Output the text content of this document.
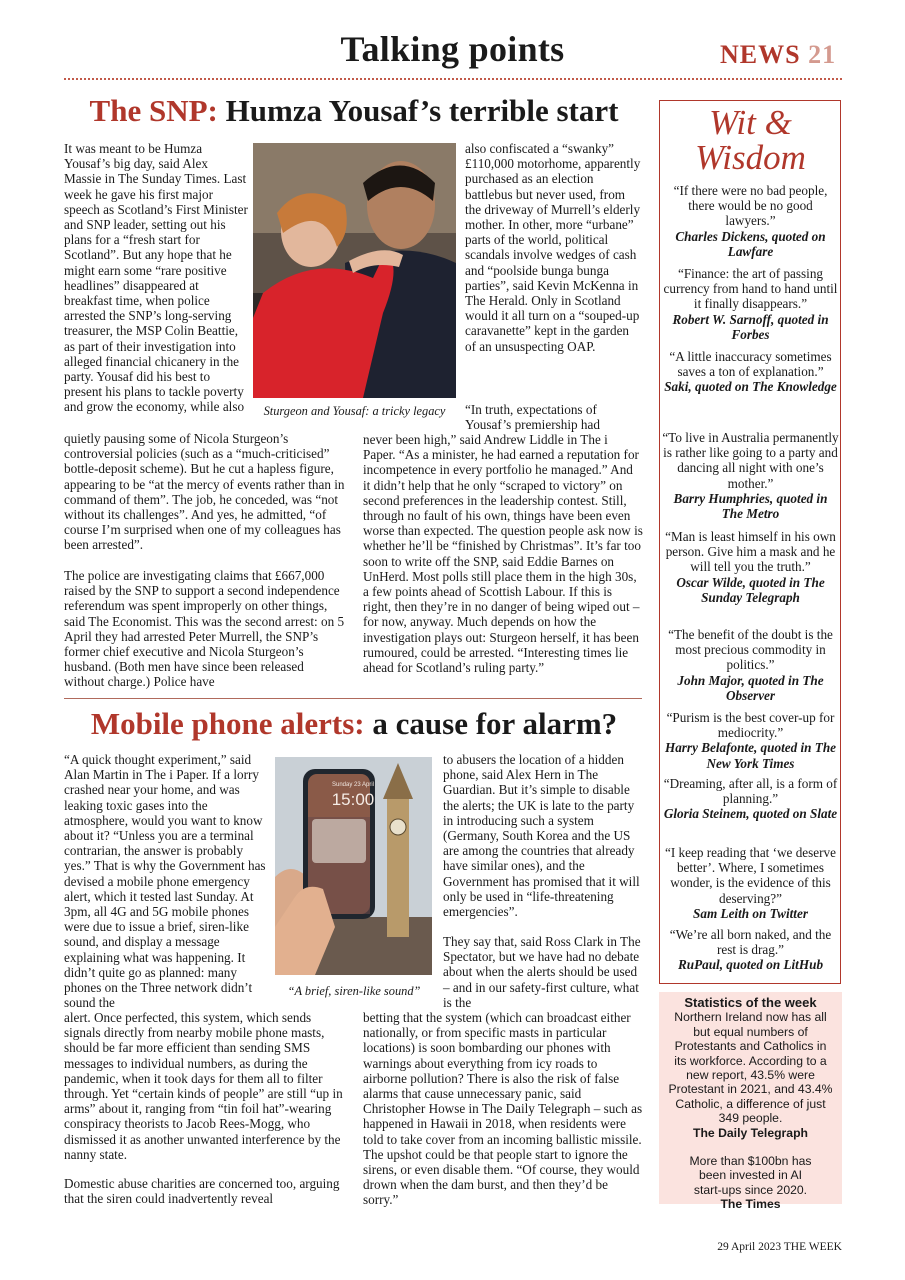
Talking points	NEWS 21
The SNP: Humza Yousaf’s terrible start
It was meant to be Humza Yousaf’s big day, said Alex Massie in The Sunday Times. Last week he gave his first major speech as Scotland’s First Minister and SNP leader, setting out his plans for a “fresh start for Scotland”. But any hope that he might earn some “rare positive headlines” disappeared at breakfast time, when police arrested the SNP’s long-serving treasurer, the MSP Colin Beattie, as part of their investigation into alleged financial chicanery in the party. Yousaf did his best to present his plans to tackle poverty and grow the economy, while also
quietly pausing some of Nicola Sturgeon’s controversial policies (such as a “much-criticised” bottle-deposit scheme). But he cut a hapless figure, appearing to be “at the mercy of events rather than in command of them”. The job, he conceded, was “not without its challenges”. And yes, he admitted, “of course I’m surprised when one of my colleagues has been arrested”.
The police are investigating claims that £667,000 raised by the SNP to support a second independence referendum was spent improperly on other things, said The Economist. This was the second arrest: on 5 April they had arrested Peter Murrell, the SNP’s former chief executive and Nicola Sturgeon’s husband. (Both men have since been released without charge.) Police have
Sturgeon and Yousaf: a tricky legacy
also confiscated a “swanky” £110,000 motorhome, apparently purchased as an election battlebus but never used, from the driveway of Murrell’s elderly mother. In other, more “urbane” parts of the world, political scandals involve wedges of cash and “poolside bunga bunga parties”, said Kevin McKenna in The Herald. Only in Scotland would it all turn on a “souped-up caravanette” kept in the garden of an unsuspecting OAP.
“In truth, expectations of Yousaf’s premiership had
never been high,” said Andrew Liddle in The i Paper. “As a minister, he had earned a reputation for incompetence in every portfolio he managed.” And it didn’t help that he only “scraped to victory” on second preferences in the leadership contest. Still, through no fault of his own, things have been even worse than expected. The question people ask now is whether he’ll be “finished by Christmas”. It’s far too soon to write off the SNP, said Eddie Barnes on UnHerd. Most polls still place them in the high 30s, a few points ahead of Scottish Labour. If this is right, then they’re in no danger of being wiped out – for now, anyway. Much depends on how the investigation plays out: Sturgeon herself, it has been rumoured, could be arrested. “Interesting times lie ahead for Scotland’s ruling party.”
Mobile phone alerts: a cause for alarm?
“A quick thought experiment,” said Alan Martin in The i Paper. If a lorry crashed near your home, and was leaking toxic gases into the atmosphere, would you want to know about it? “Unless you are a terminal contrarian, the answer is probably yes.” That is why the Government has devised a mobile phone emergency alert, which it tested last Sunday. At 3pm, all 4G and 5G mobile phones were due to issue a brief, siren-like sound, and display a message explaining what was happening. It didn’t quite go as planned: many phones on the Three network didn’t sound the
alert. Once perfected, this system, which sends signals directly from nearby mobile phone masts, should be far more efficient than sending SMS messages to individual numbers, as during the pandemic, when it took days for them all to filter through. Yet “certain kinds of people” are still “up in arms” about it, ranging from “tin foil hat”-wearing conspiracy theorists to Jacob Rees-Mogg, who dismissed it as another unwanted interference by the nanny state.
Domestic abuse charities are concerned too, arguing that the siren could inadvertently reveal
Sunday 23 April
15:00
“A brief, siren-like sound”
to abusers the location of a hidden phone, said Alex Hern in The Guardian. But it’s simple to disable the alerts; the UK is late to the party in introducing such a system (Germany, South Korea and the US are among the countries that already have similar ones), and the Government has promised that it will only be used in “life-threatening emergencies”.
They say that, said Ross Clark in The Spectator, but we have had no debate about when the alerts should be used – and in our safety-first culture, what is the
betting that the system (which can broadcast either nationally, or from specific masts in particular locations) is soon bombarding our phones with warnings about everything from icy roads to airborne pollution? There is also the risk of false alarms that cause unnecessary panic, said Christopher Howse in The Daily Telegraph – such as happened in Hawaii in 2018, when residents were told to take cover from an incoming ballistic missile. The upshot could be that people start to ignore the sirens, or even disable them. “Of course, they would drown when the dam burst, and then they’d be sorry.”
Wit &
Wisdom
“If there were no bad people, there would be no good lawyers.”
Charles Dickens, quoted on Lawfare
“Finance: the art of passing currency from hand to hand until it finally disappears.”
Robert W. Sarnoff, quoted in Forbes
“A little inaccuracy sometimes saves a ton of explanation.”
Saki, quoted on The Knowledge
“To live in Australia permanently is rather like going to a party and dancing all night with one’s mother.”
Barry Humphries, quoted in The Metro
“Man is least himself in his own person. Give him a mask and he will tell you the truth.”
Oscar Wilde, quoted in The Sunday Telegraph
“The benefit of the doubt is the most precious commodity in politics.”
John Major, quoted in The Observer
“Purism is the best cover-up for mediocrity.”
Harry Belafonte, quoted in The New York Times
“Dreaming, after all, is a form of planning.”
Gloria Steinem, quoted on Slate
“I keep reading that ‘we deserve better’. Where, I sometimes wonder, is the evidence of this deserving?”
Sam Leith on Twitter
“We’re all born naked, and the rest is drag.”
RuPaul, quoted on LitHub
Statistics of the week
Northern Ireland now has all but equal numbers of Protestants and Catholics in its workforce. According to a new report, 43.5% were Protestant in 2021, and 43.4% Catholic, a difference of just 349 people.
The Daily Telegraph
More than $100bn has been invested in AI start-ups since 2020.
The Times
29 April 2023 THE WEEK
